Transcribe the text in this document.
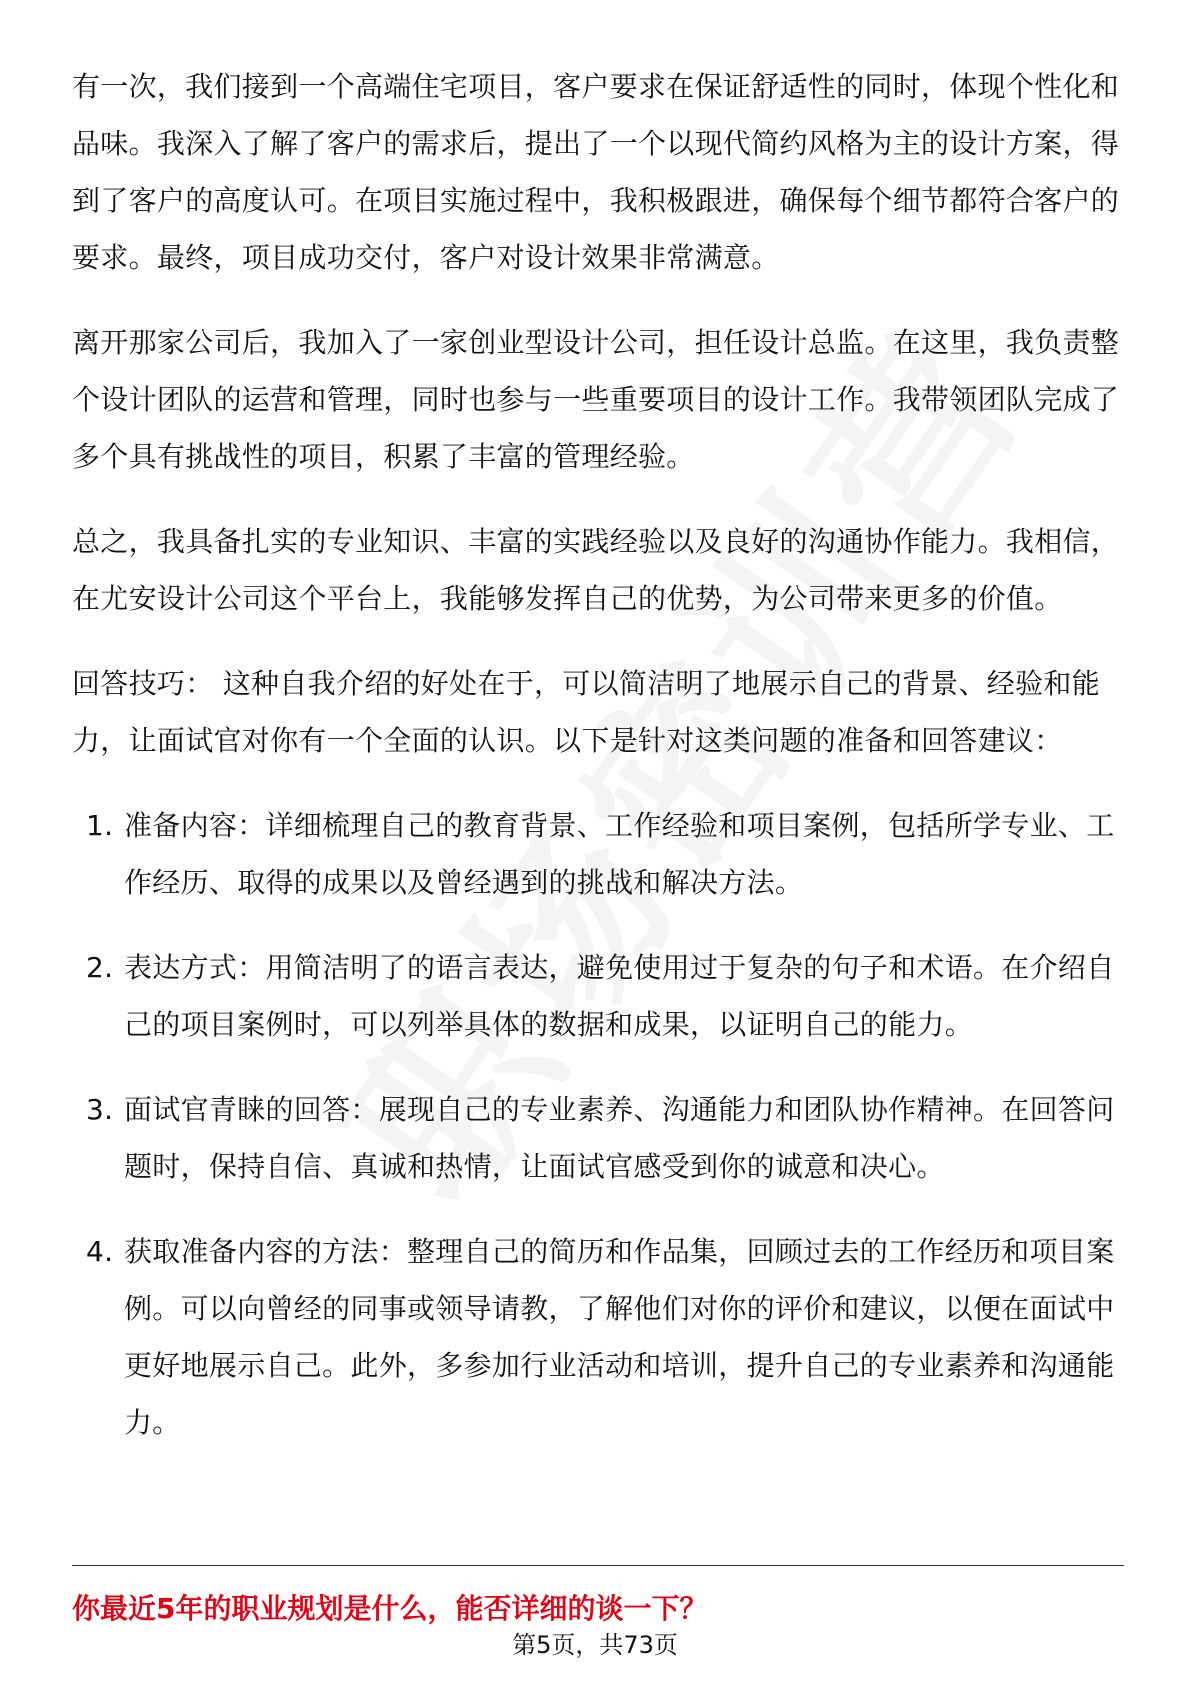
有一次，我们接到一个高端住宅项目，客户要求在保证舒适性的同时，体现个性化和品味。我深入了解了客户的需求后，提出了一个以现代简约风格为主的设计方案，得到了客户的高度认可。在项目实施过程中，我积极跟进，确保每个细节都符合客户的要求。最终，项目成功交付，客户对设计效果非常满意。

离开那家公司后，我加入了一家创业型设计公司，担任设计总监。在这里，我负责整个设计团队的运营和管理，同时也参与一些重要项目的设计工作。我带领团队完成了多个具有挑战性的项目，积累了丰富的管理经验。

总之，我具备扎实的专业知识、丰富的实践经验以及良好的沟通协作能力。我相信，在尤安设计公司这个平台上，我能够发挥自己的优势，为公司带来更多的价值。

回答技巧： 这种自我介绍的好处在于，可以简洁明了地展示自己的背景、经验和能力，让面试官对你有一个全面的认识。以下是针对这类问题的准备和回答建议：

1. 准备内容：详细梳理自己的教育背景、工作经验和项目案例，包括所学专业、工作经历、取得的成果以及曾经遇到的挑战和解决方法。
2. 表达方式：用简洁明了的语言表达，避免使用过于复杂的句子和术语。在介绍自己的项目案例时，可以列举具体的数据和成果，以证明自己的能力。
3. 面试官青睐的回答：展现自己的专业素养、沟通能力和团队协作精神。在回答问题时，保持自信、真诚和热情，让面试官感受到你的诚意和决心。
4. 获取准备内容的方法：整理自己的简历和作品集，回顾过去的工作经历和项目案例。可以向曾经的同事或领导请教，了解他们对你的评价和建议，以便在面试中更好地展示自己。此外，多参加行业活动和培训，提升自己的专业素养和沟通能力。
你最近5年的职业规划是什么，能否详细的谈一下？
第5页，共73页
